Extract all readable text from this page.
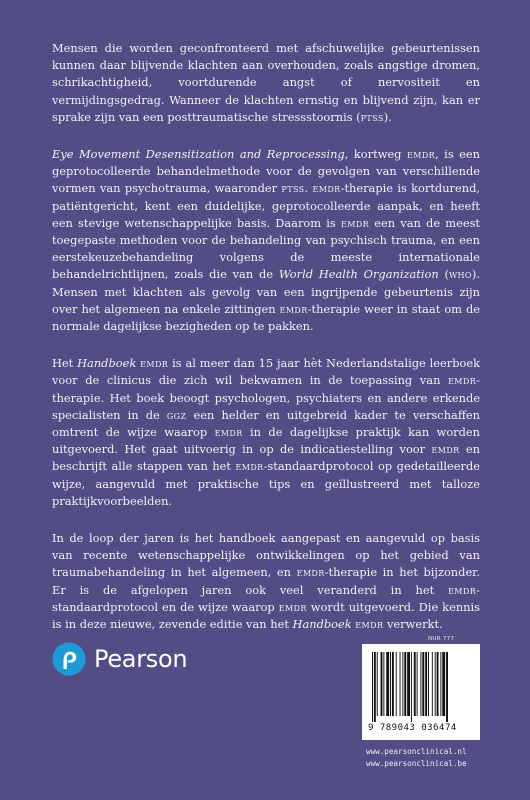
Mensen die worden geconfronteerd met afschuwelijke gebeurtenissen kunnen daar blijvende klachten aan overhouden, zoals angstige dromen, schrikachtigheid, voortdurende angst of nervositeit en vermijdingsgedrag. Wanneer de klachten ernstig en blijvend zijn, kan er sprake zijn van een posttraumatische stressstoornis (ptss).

Eye Movement Desensitization and Reprocessing, kortweg emdr, is een geprotocolleerde behandelmethode voor de gevolgen van verschillende vormen van psychotrauma, waaronder ptss. emdr-therapie is kortdurend, patiëntgericht, kent een duidelijke, geprotocolleerde aanpak, en heeft een stevige wetenschappelijke basis. Daarom is emdr een van de meest toegepaste methoden voor de behandeling van psychisch trauma, en een eerstekeuzebehandeling volgens de meeste internationale behandelrichtlijnen, zoals die van de World Health Organization (who). Mensen met klachten als gevolg van een ingrijpende gebeurtenis zijn over het algemeen na enkele zittingen emdr-therapie weer in staat om de normale dagelijkse bezigheden op te pakken.

Het Handboek emdr is al meer dan 15 jaar hèt Nederlandstalige leerboek voor de clinicus die zich wil bekwamen in de toepassing van emdr-therapie. Het boek beoogt psychologen, psychiaters en andere erkende specialisten in de ggz een helder en uitgebreid kader te verschaffen omtrent de wijze waarop emdr in de dagelijkse praktijk kan worden uitgevoerd. Het gaat uitvoerig in op de indicatiestelling voor emdr en beschrijft alle stappen van het emdr-standaardprotocol op gedetailleerde wijze, aangevuld met praktische tips en geïllustreerd met talloze praktijkvoorbeelden.

In de loop der jaren is het handboek aangepast en aangevuld op basis van recente wetenschappelijke ontwikkelingen op het gebied van traumabehandeling in het algemeen, en emdr-therapie in het bijzonder. Er is de afgelopen jaren ook veel veranderd in het emdr-standaardprotocol en de wijze waarop emdr wordt uitgevoerd. Die kennis is in deze nieuwe, zevende editie van het Handboek emdr verwerkt.

NUR 777
Pearson
9 789043 036474
www.pearsonclinical.nl
www.pearsonclinical.be
